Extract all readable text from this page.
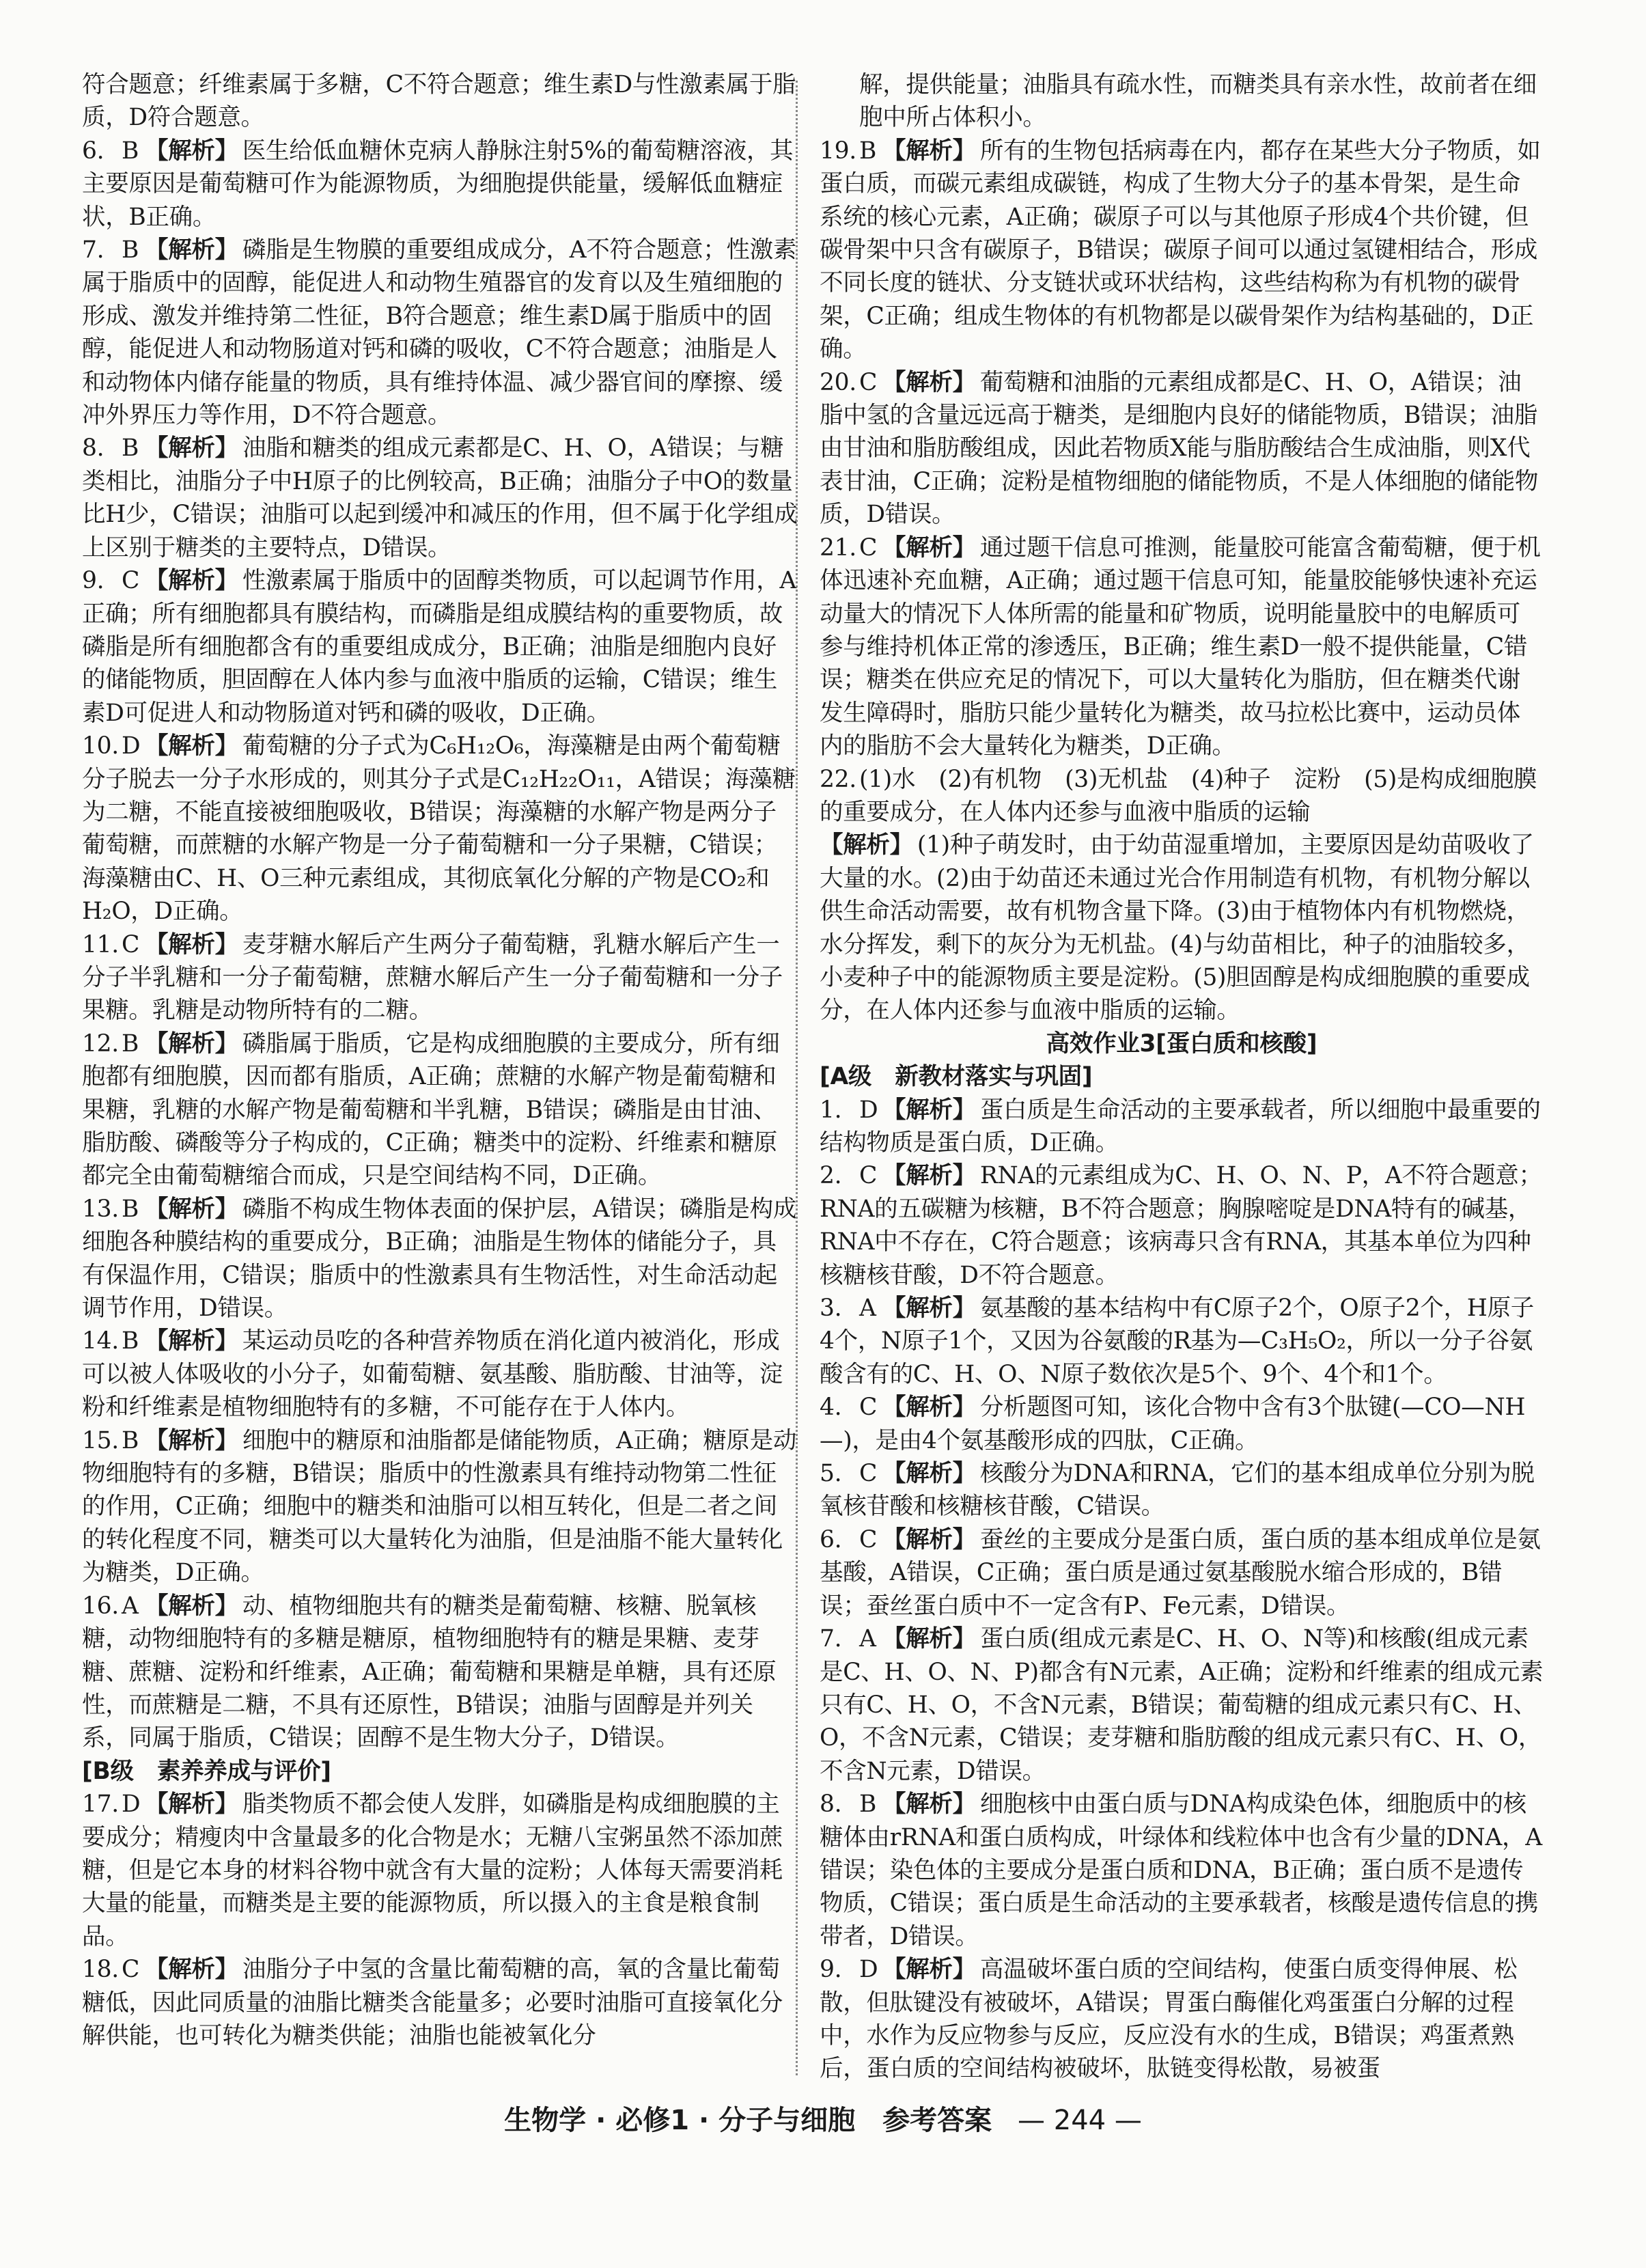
符合题意；纤维素属于多糖，C不符合题意；维生素D与性激素属于脂质，D符合题意。

6. B 【解析】 医生给低血糖休克病人静脉注射5%的葡萄糖溶液，其主要原因是葡萄糖可作为能源物质，为细胞提供能量，缓解低血糖症状，B正确。

7. B 【解析】 磷脂是生物膜的重要组成成分，A不符合题意；性激素属于脂质中的固醇，能促进人和动物生殖器官的发育以及生殖细胞的形成、激发并维持第二性征，B符合题意；维生素D属于脂质中的固醇，能促进人和动物肠道对钙和磷的吸收，C不符合题意；油脂是人和动物体内储存能量的物质，具有维持体温、减少器官间的摩擦、缓冲外界压力等作用，D不符合题意。

8. B 【解析】 油脂和糖类的组成元素都是C、H、O，A错误；与糖类相比，油脂分子中H原子的比例较高，B正确；油脂分子中O的数量比H少，C错误；油脂可以起到缓冲和减压的作用，但不属于化学组成上区别于糖类的主要特点，D错误。

9. C 【解析】 性激素属于脂质中的固醇类物质，可以起调节作用，A正确；所有细胞都具有膜结构，而磷脂是组成膜结构的重要物质，故磷脂是所有细胞都含有的重要组成成分，B正确；油脂是细胞内良好的储能物质，胆固醇在人体内参与血液中脂质的运输，C错误；维生素D可促进人和动物肠道对钙和磷的吸收，D正确。

10. D 【解析】 葡萄糖的分子式为C₆H₁₂O₆，海藻糖是由两个葡萄糖分子脱去一分子水形成的，则其分子式是C₁₂H₂₂O₁₁，A错误；海藻糖为二糖，不能直接被细胞吸收，B错误；海藻糖的水解产物是两分子葡萄糖，而蔗糖的水解产物是一分子葡萄糖和一分子果糖，C错误；海藻糖由C、H、O三种元素组成，其彻底氧化分解的产物是CO₂和H₂O，D正确。

11. C 【解析】 麦芽糖水解后产生两分子葡萄糖，乳糖水解后产生一分子半乳糖和一分子葡萄糖，蔗糖水解后产生一分子葡萄糖和一分子果糖。乳糖是动物所特有的二糖。

12. B 【解析】 磷脂属于脂质，它是构成细胞膜的主要成分，所有细胞都有细胞膜，因而都有脂质，A正确；蔗糖的水解产物是葡萄糖和果糖，乳糖的水解产物是葡萄糖和半乳糖，B错误；磷脂是由甘油、脂肪酸、磷酸等分子构成的，C正确；糖类中的淀粉、纤维素和糖原都完全由葡萄糖缩合而成，只是空间结构不同，D正确。

13. B 【解析】 磷脂不构成生物体表面的保护层，A错误；磷脂是构成细胞各种膜结构的重要成分，B正确；油脂是生物体的储能分子，具有保温作用，C错误；脂质中的性激素具有生物活性，对生命活动起调节作用，D错误。

14. B 【解析】 某运动员吃的各种营养物质在消化道内被消化，形成可以被人体吸收的小分子，如葡萄糖、氨基酸、脂肪酸、甘油等，淀粉和纤维素是植物细胞特有的多糖，不可能存在于人体内。

15. B 【解析】 细胞中的糖原和油脂都是储能物质，A正确；糖原是动物细胞特有的多糖，B错误；脂质中的性激素具有维持动物第二性征的作用，C正确；细胞中的糖类和油脂可以相互转化，但是二者之间的转化程度不同，糖类可以大量转化为油脂，但是油脂不能大量转化为糖类，D正确。

16. A 【解析】 动、植物细胞共有的糖类是葡萄糖、核糖、脱氧核糖，动物细胞特有的多糖是糖原，植物细胞特有的糖是果糖、麦芽糖、蔗糖、淀粉和纤维素，A正确；葡萄糖和果糖是单糖，具有还原性，而蔗糖是二糖，不具有还原性，B错误；油脂与固醇是并列关系，同属于脂质，C错误；固醇不是生物大分子，D错误。

[B级　素养养成与评价]

17. D 【解析】 脂类物质不都会使人发胖，如磷脂是构成细胞膜的主要成分；精瘦肉中含量最多的化合物是水；无糖八宝粥虽然不添加蔗糖，但是它本身的材料谷物中就含有大量的淀粉；人体每天需要消耗大量的能量，而糖类是主要的能源物质，所以摄入的主食是粮食制品。

18. C 【解析】 油脂分子中氢的含量比葡萄糖的高，氧的含量比葡萄糖低，因此同质量的油脂比糖类含能量多；必要时油脂可直接氧化分解供能，也可转化为糖类供能；油脂也能被氧化分

解，提供能量；油脂具有疏水性，而糖类具有亲水性，故前者在细胞中所占体积小。

19. B 【解析】 所有的生物包括病毒在内，都存在某些大分子物质，如蛋白质，而碳元素组成碳链，构成了生物大分子的基本骨架，是生命系统的核心元素，A正确；碳原子可以与其他原子形成4个共价键，但碳骨架中只含有碳原子，B错误；碳原子间可以通过氢键相结合，形成不同长度的链状、分支链状或环状结构，这些结构称为有机物的碳骨架，C正确；组成生物体的有机物都是以碳骨架作为结构基础的，D正确。

20. C 【解析】 葡萄糖和油脂的元素组成都是C、H、O，A错误；油脂中氢的含量远远高于糖类，是细胞内良好的储能物质，B错误；油脂由甘油和脂肪酸组成，因此若物质X能与脂肪酸结合生成油脂，则X代表甘油，C正确；淀粉是植物细胞的储能物质，不是人体细胞的储能物质，D错误。

21. C 【解析】 通过题干信息可推测，能量胶可能富含葡萄糖，便于机体迅速补充血糖，A正确；通过题干信息可知，能量胶能够快速补充运动量大的情况下人体所需的能量和矿物质，说明能量胶中的电解质可参与维持机体正常的渗透压，B正确；维生素D一般不提供能量，C错误；糖类在供应充足的情况下，可以大量转化为脂肪，但在糖类代谢发生障碍时，脂肪只能少量转化为糖类，故马拉松比赛中，运动员体内的脂肪不会大量转化为糖类，D正确。

22. (1)水　(2)有机物　(3)无机盐　(4)种子　淀粉　(5)是构成细胞膜的重要成分，在人体内还参与血液中脂质的运输

【解析】 (1)种子萌发时，由于幼苗湿重增加，主要原因是幼苗吸收了大量的水。(2)由于幼苗还未通过光合作用制造有机物，有机物分解以供生命活动需要，故有机物含量下降。(3)由于植物体内有机物燃烧，水分挥发，剩下的灰分为无机盐。(4)与幼苗相比，种子的油脂较多，小麦种子中的能源物质主要是淀粉。(5)胆固醇是构成细胞膜的重要成分，在人体内还参与血液中脂质的运输。

高效作业3[蛋白质和核酸]

[A级　新教材落实与巩固]

1. D 【解析】 蛋白质是生命活动的主要承载者，所以细胞中最重要的结构物质是蛋白质，D正确。

2. C 【解析】 RNA的元素组成为C、H、O、N、P，A不符合题意；RNA的五碳糖为核糖，B不符合题意；胸腺嘧啶是DNA特有的碱基，RNA中不存在，C符合题意；该病毒只含有RNA，其基本单位为四种核糖核苷酸，D不符合题意。

3. A 【解析】 氨基酸的基本结构中有C原子2个，O原子2个，H原子4个，N原子1个，又因为谷氨酸的R基为—C₃H₅O₂，所以一分子谷氨酸含有的C、H、O、N原子数依次是5个、9个、4个和1个。

4. C 【解析】 分析题图可知，该化合物中含有3个肽键(—CO—NH—)，是由4个氨基酸形成的四肽，C正确。

5. C 【解析】 核酸分为DNA和RNA，它们的基本组成单位分别为脱氧核苷酸和核糖核苷酸，C错误。

6. C 【解析】 蚕丝的主要成分是蛋白质，蛋白质的基本组成单位是氨基酸，A错误，C正确；蛋白质是通过氨基酸脱水缩合形成的，B错误；蚕丝蛋白质中不一定含有P、Fe元素，D错误。

7. A 【解析】 蛋白质(组成元素是C、H、O、N等)和核酸(组成元素是C、H、O、N、P)都含有N元素，A正确；淀粉和纤维素的组成元素只有C、H、O，不含N元素，B错误；葡萄糖的组成元素只有C、H、O，不含N元素，C错误；麦芽糖和脂肪酸的组成元素只有C、H、O，不含N元素，D错误。

8. B 【解析】 细胞核中由蛋白质与DNA构成染色体，细胞质中的核糖体由rRNA和蛋白质构成，叶绿体和线粒体中也含有少量的DNA，A错误；染色体的主要成分是蛋白质和DNA，B正确；蛋白质不是遗传物质，C错误；蛋白质是生命活动的主要承载者，核酸是遗传信息的携带者，D错误。

9. D 【解析】 高温破坏蛋白质的空间结构，使蛋白质变得伸展、松散，但肽键没有被破坏，A错误；胃蛋白酶催化鸡蛋蛋白分解的过程中，水作为反应物参与反应，反应没有水的生成，B错误；鸡蛋煮熟后，蛋白质的空间结构被破坏，肽链变得松散，易被蛋

生物学 · 必修1 · 分子与细胞　参考答案 — 244 —
